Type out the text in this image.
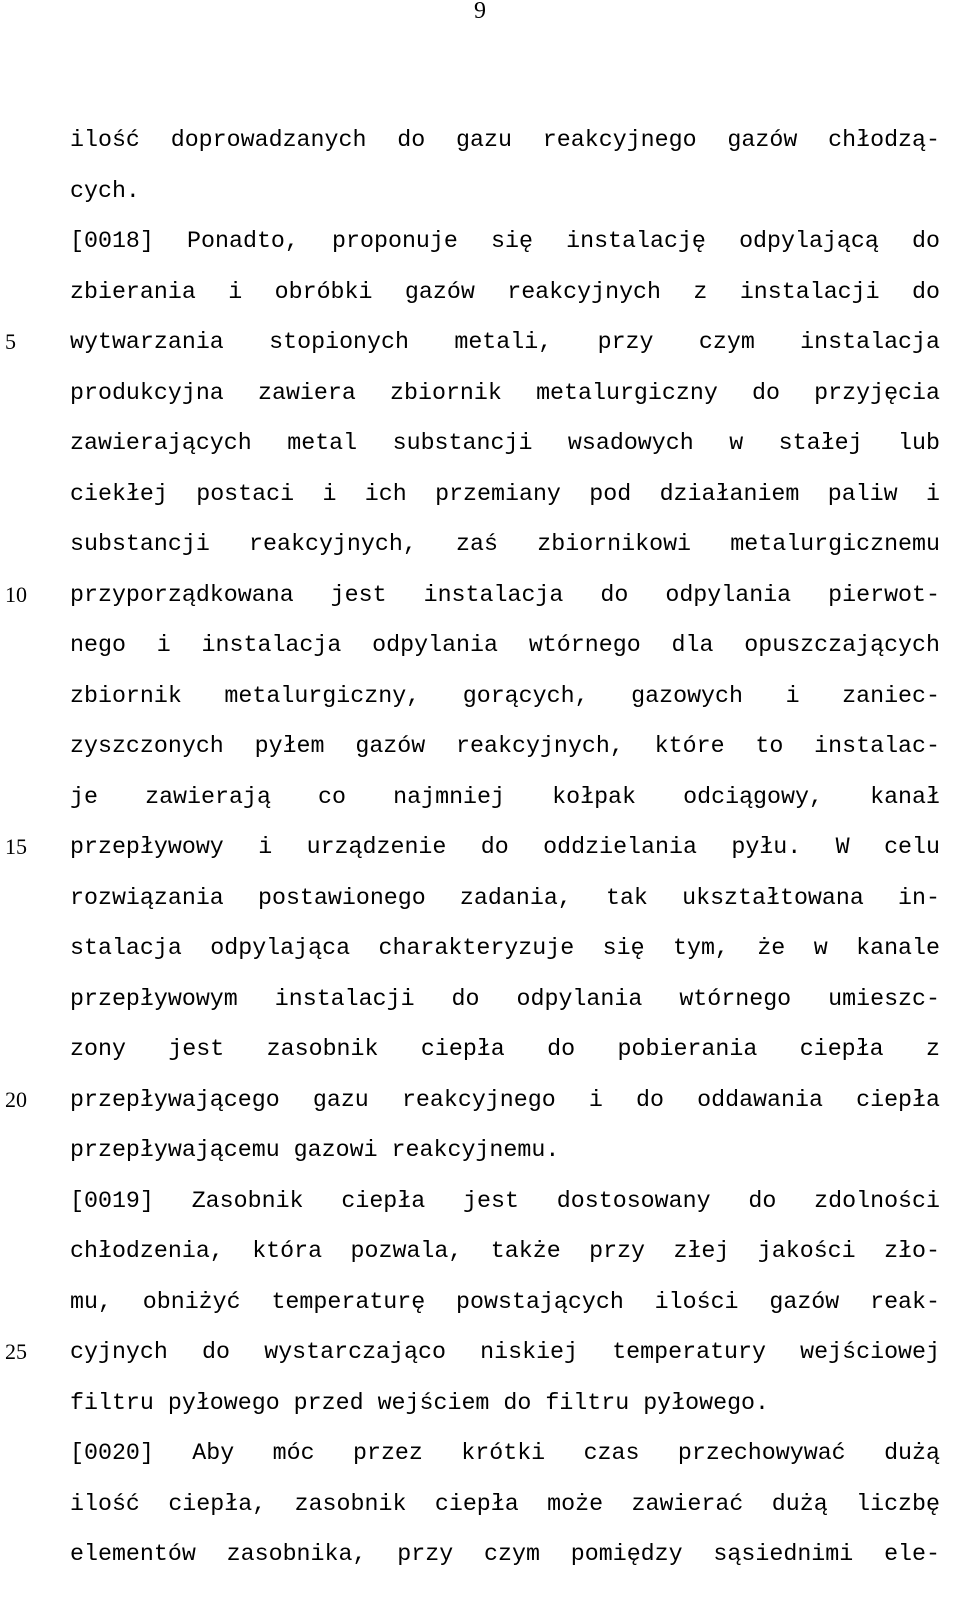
9
ilość doprowadzanych do gazu reakcyjnego gazów chłodzą-
cych.
[0018] Ponadto, proponuje się instalację odpylającą do
zbierania i obróbki gazów reakcyjnych z instalacji do
wytwarzania stopionych metali, przy czym instalacja
produkcyjna zawiera zbiornik metalurgiczny do przyjęcia
zawierających metal substancji wsadowych w stałej lub
ciekłej postaci i ich przemiany pod działaniem paliw i
substancji reakcyjnych, zaś zbiornikowi metalurgicznemu
przyporządkowana jest instalacja do odpylania pierwot-
nego i instalacja odpylania wtórnego dla opuszczających
zbiornik metalurgiczny, gorących, gazowych i zaniec-
zyszczonych pyłem gazów reakcyjnych, które to instalac-
je zawierają co najmniej kołpak odciągowy, kanał
przepływowy i urządzenie do oddzielania pyłu. W celu
rozwiązania postawionego zadania, tak ukształtowana in-
stalacja odpylająca charakteryzuje się tym, że w kanale
przepływowym instalacji do odpylania wtórnego umieszc-
zony jest zasobnik ciepła do pobierania ciepła z
przepływającego gazu reakcyjnego i do oddawania ciepła
przepływającemu gazowi reakcyjnemu.
[0019] Zasobnik ciepła jest dostosowany do zdolności
chłodzenia, która pozwala, także przy złej jakości zło-
mu, obniżyć temperaturę powstających ilości gazów reak-
cyjnych do wystarczająco niskiej temperatury wejściowej
filtru pyłowego przed wejściem do filtru pyłowego.
[0020] Aby móc przez krótki czas przechowywać dużą
ilość ciepła, zasobnik ciepła może zawierać dużą liczbę
elementów zasobnika, przy czym pomiędzy sąsiednimi ele-
5
10
15
20
25
